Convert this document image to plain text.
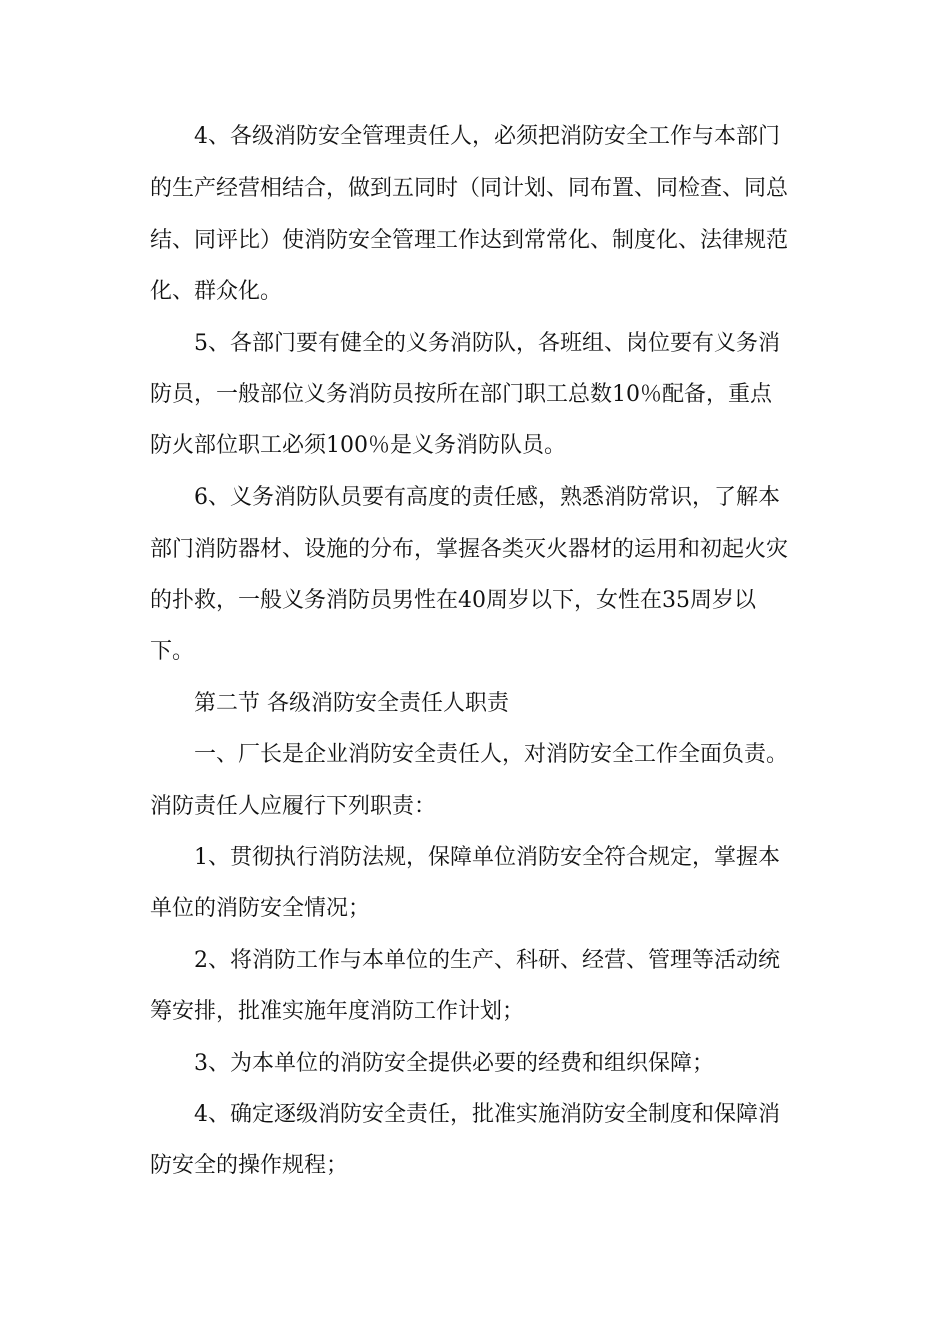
4、各级消防安全管理责任人，必须把消防安全工作与本部门
的生产经营相结合，做到五同时（同计划、同布置、同检查、同总
结、同评比）使消防安全管理工作达到常常化、制度化、法律规范
化、群众化。
5、各部门要有健全的义务消防队，各班组、岗位要有义务消
防员，一般部位义务消防员按所在部门职工总数10％配备，重点
防火部位职工必须100％是义务消防队员。
6、义务消防队员要有高度的责任感，熟悉消防常识，了解本
部门消防器材、设施的分布，掌握各类灭火器材的运用和初起火灾
的扑救，一般义务消防员男性在40周岁以下，女性在35周岁以
下。
第二节 各级消防安全责任人职责
一、厂长是企业消防安全责任人，对消防安全工作全面负责。
消防责任人应履行下列职责：
1、贯彻执行消防法规，保障单位消防安全符合规定，掌握本
单位的消防安全情况；
2、将消防工作与本单位的生产、科研、经营、管理等活动统
筹安排，批准实施年度消防工作计划；
3、为本单位的消防安全提供必要的经费和组织保障；
4、确定逐级消防安全责任，批准实施消防安全制度和保障消
防安全的操作规程；
